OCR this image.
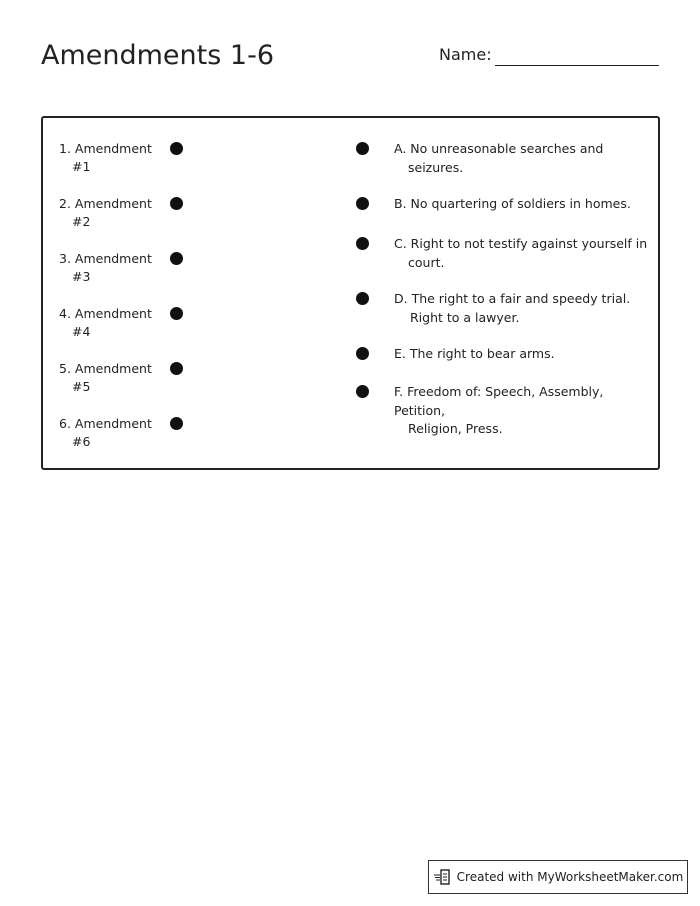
Amendments 1-6	Name:
1. Amendment
#1
2. Amendment
#2
3. Amendment
#3
4. Amendment
#4
5. Amendment
#5
6. Amendment
#6
A. No unreasonable searches and
seizures.
B. No quartering of soldiers in homes.
C. Right to not testify against yourself in
court.
D. The right to a fair and speedy trial.
Right to a lawyer.
E. The right to bear arms.
F. Freedom of: Speech, Assembly, Petition,
Religion, Press.
Created with MyWorksheetMaker.com
